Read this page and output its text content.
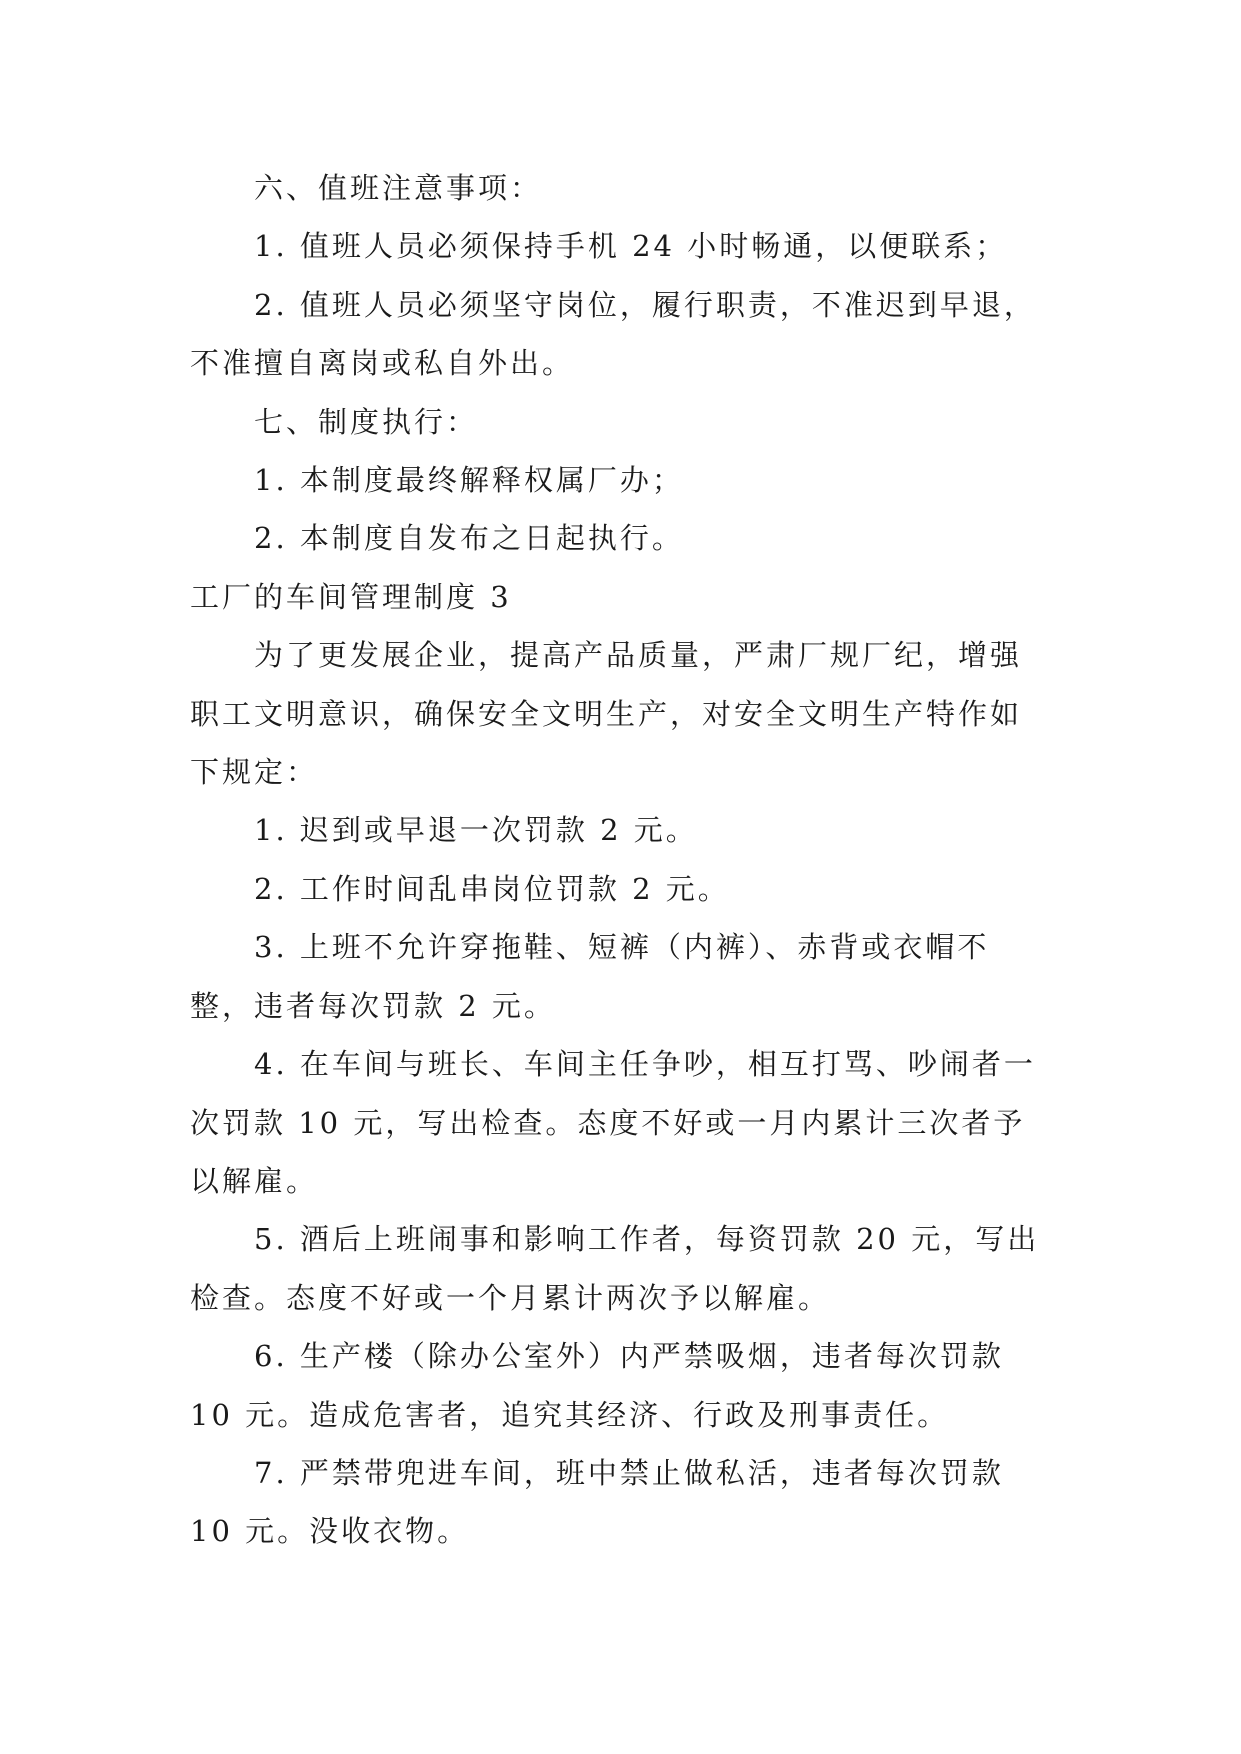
六、值班注意事项：

1. 值班人员必须保持手机 24 小时畅通，以便联系；

2. 值班人员必须坚守岗位，履行职责，不准迟到早退，不准擅自离岗或私自外出。

七、制度执行：

1. 本制度最终解释权属厂办；

2. 本制度自发布之日起执行。

工厂的车间管理制度 3

为了更发展企业，提高产品质量，严肃厂规厂纪，增强职工文明意识，确保安全文明生产，对安全文明生产特作如下规定：

1. 迟到或早退一次罚款 2 元。

2. 工作时间乱串岗位罚款 2 元。

3. 上班不允许穿拖鞋、短裤（内裤）、赤背或衣帽不整，违者每次罚款 2 元。

4. 在车间与班长、车间主任争吵，相互打骂、吵闹者一次罚款 10 元，写出检查。态度不好或一月内累计三次者予以解雇。

5. 酒后上班闹事和影响工作者，每资罚款 20 元，写出检查。态度不好或一个月累计两次予以解雇。

6. 生产楼（除办公室外）内严禁吸烟，违者每次罚款 10 元。造成危害者，追究其经济、行政及刑事责任。

7. 严禁带兜进车间，班中禁止做私活，违者每次罚款 10 元。没收衣物。
